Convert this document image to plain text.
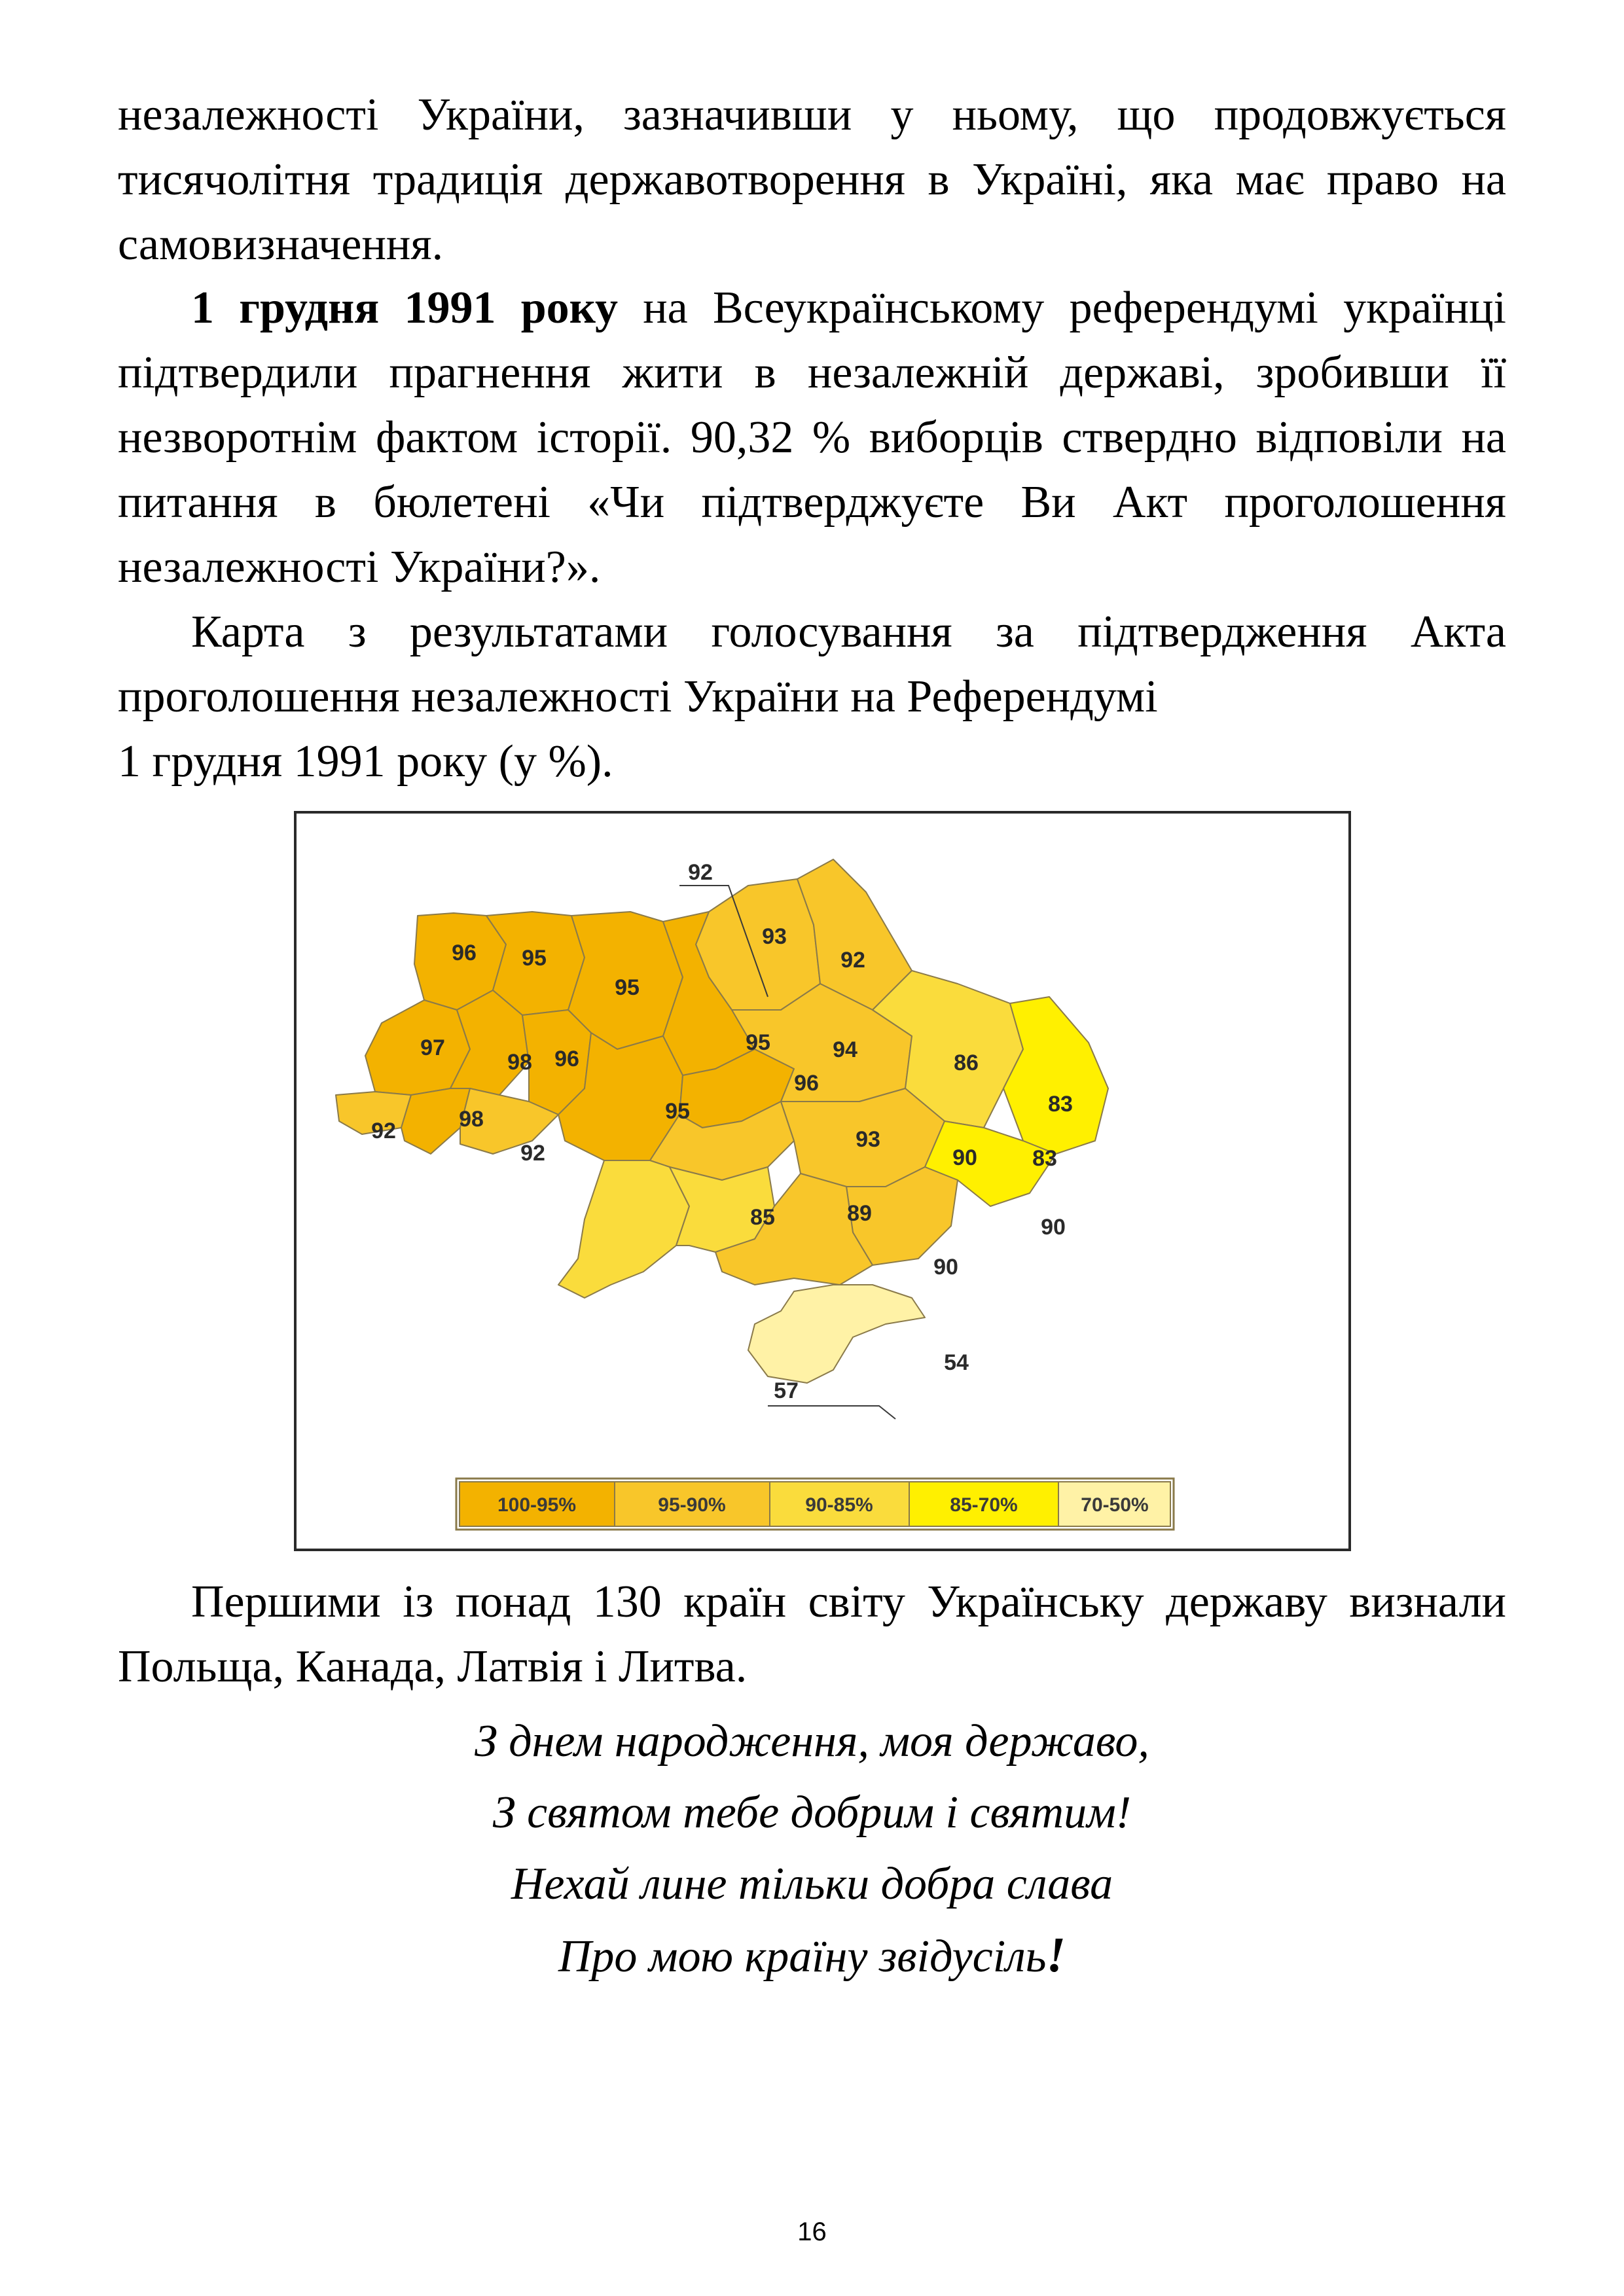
незалежності України, зазначивши у ньому, що продовжується тисячолітня традиція державотворення в Україні, яка має право на самовизначення.

1 грудня 1991 року на Всеукраїнському референдумі українці підтвердили прагнення жити в незалежній державі, зробивши її незворотнім фактом історії. 90,32 % виборців ствердно відповіли на питання в бюлетені «Чи підтверджуєте Ви Акт проголошення незалежності України?».

Карта з результатами голосування за підтвердження Акта проголошення незалежності України на Референдумі
1 грудня 1991 року (у %).

96 95
95
92
93
92
97
98 96
95	94
86
83
92	98
92
95
96
93
90 83
85	89
90
90
54
57
100-95%	95-90%	90-85%	85-70%	70-50%

Першими із понад 130 країн світу Українську державу визнали Польща, Канада, Латвія і Литва.

З днем народження, моя державо,
З святом тебе добрим і святим!
Нехай лине тільки добра слава
Про мою країну звідусіль!
16
